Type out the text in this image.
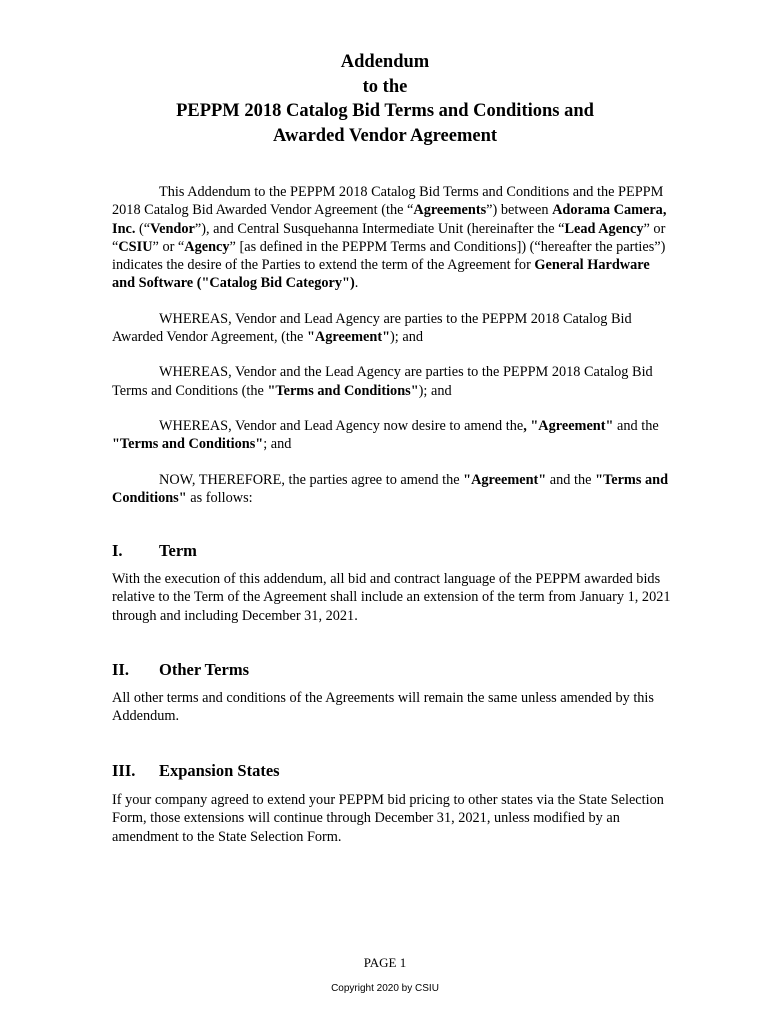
Addendum
to the
PEPPM 2018 Catalog Bid Terms and Conditions and
Awarded Vendor Agreement

This Addendum to the PEPPM 2018 Catalog Bid Terms and Conditions and the PEPPM 2018 Catalog Bid Awarded Vendor Agreement (the “Agreements”) between Adorama Camera, Inc. (“Vendor”), and Central Susquehanna Intermediate Unit (hereinafter the “Lead Agency” or “CSIU” or “Agency” [as defined in the PEPPM Terms and Conditions]) (“hereafter the parties”) indicates the desire of the Parties to extend the term of the Agreement for General Hardware and Software ("Catalog Bid Category").

WHEREAS, Vendor and Lead Agency are parties to the PEPPM 2018 Catalog Bid Awarded Vendor Agreement, (the "Agreement"); and

WHEREAS, Vendor and the Lead Agency are parties to the PEPPM 2018 Catalog Bid Terms and Conditions (the "Terms and Conditions"); and

WHEREAS, Vendor and Lead Agency now desire to amend the, "Agreement" and the "Terms and Conditions"; and

NOW, THEREFORE, the parties agree to amend the "Agreement" and the "Terms and Conditions" as follows:

I. Term

With the execution of this addendum, all bid and contract language of the PEPPM awarded bids relative to the Term of the Agreement shall include an extension of the term from January 1, 2021 through and including December 31, 2021.

II. Other Terms

All other terms and conditions of the Agreements will remain the same unless amended by this Addendum.

III. Expansion States

If your company agreed to extend your PEPPM bid pricing to other states via the State Selection Form, those extensions will continue through December 31, 2021, unless modified by an amendment to the State Selection Form.

PAGE 1
Copyright 2020 by CSIU
